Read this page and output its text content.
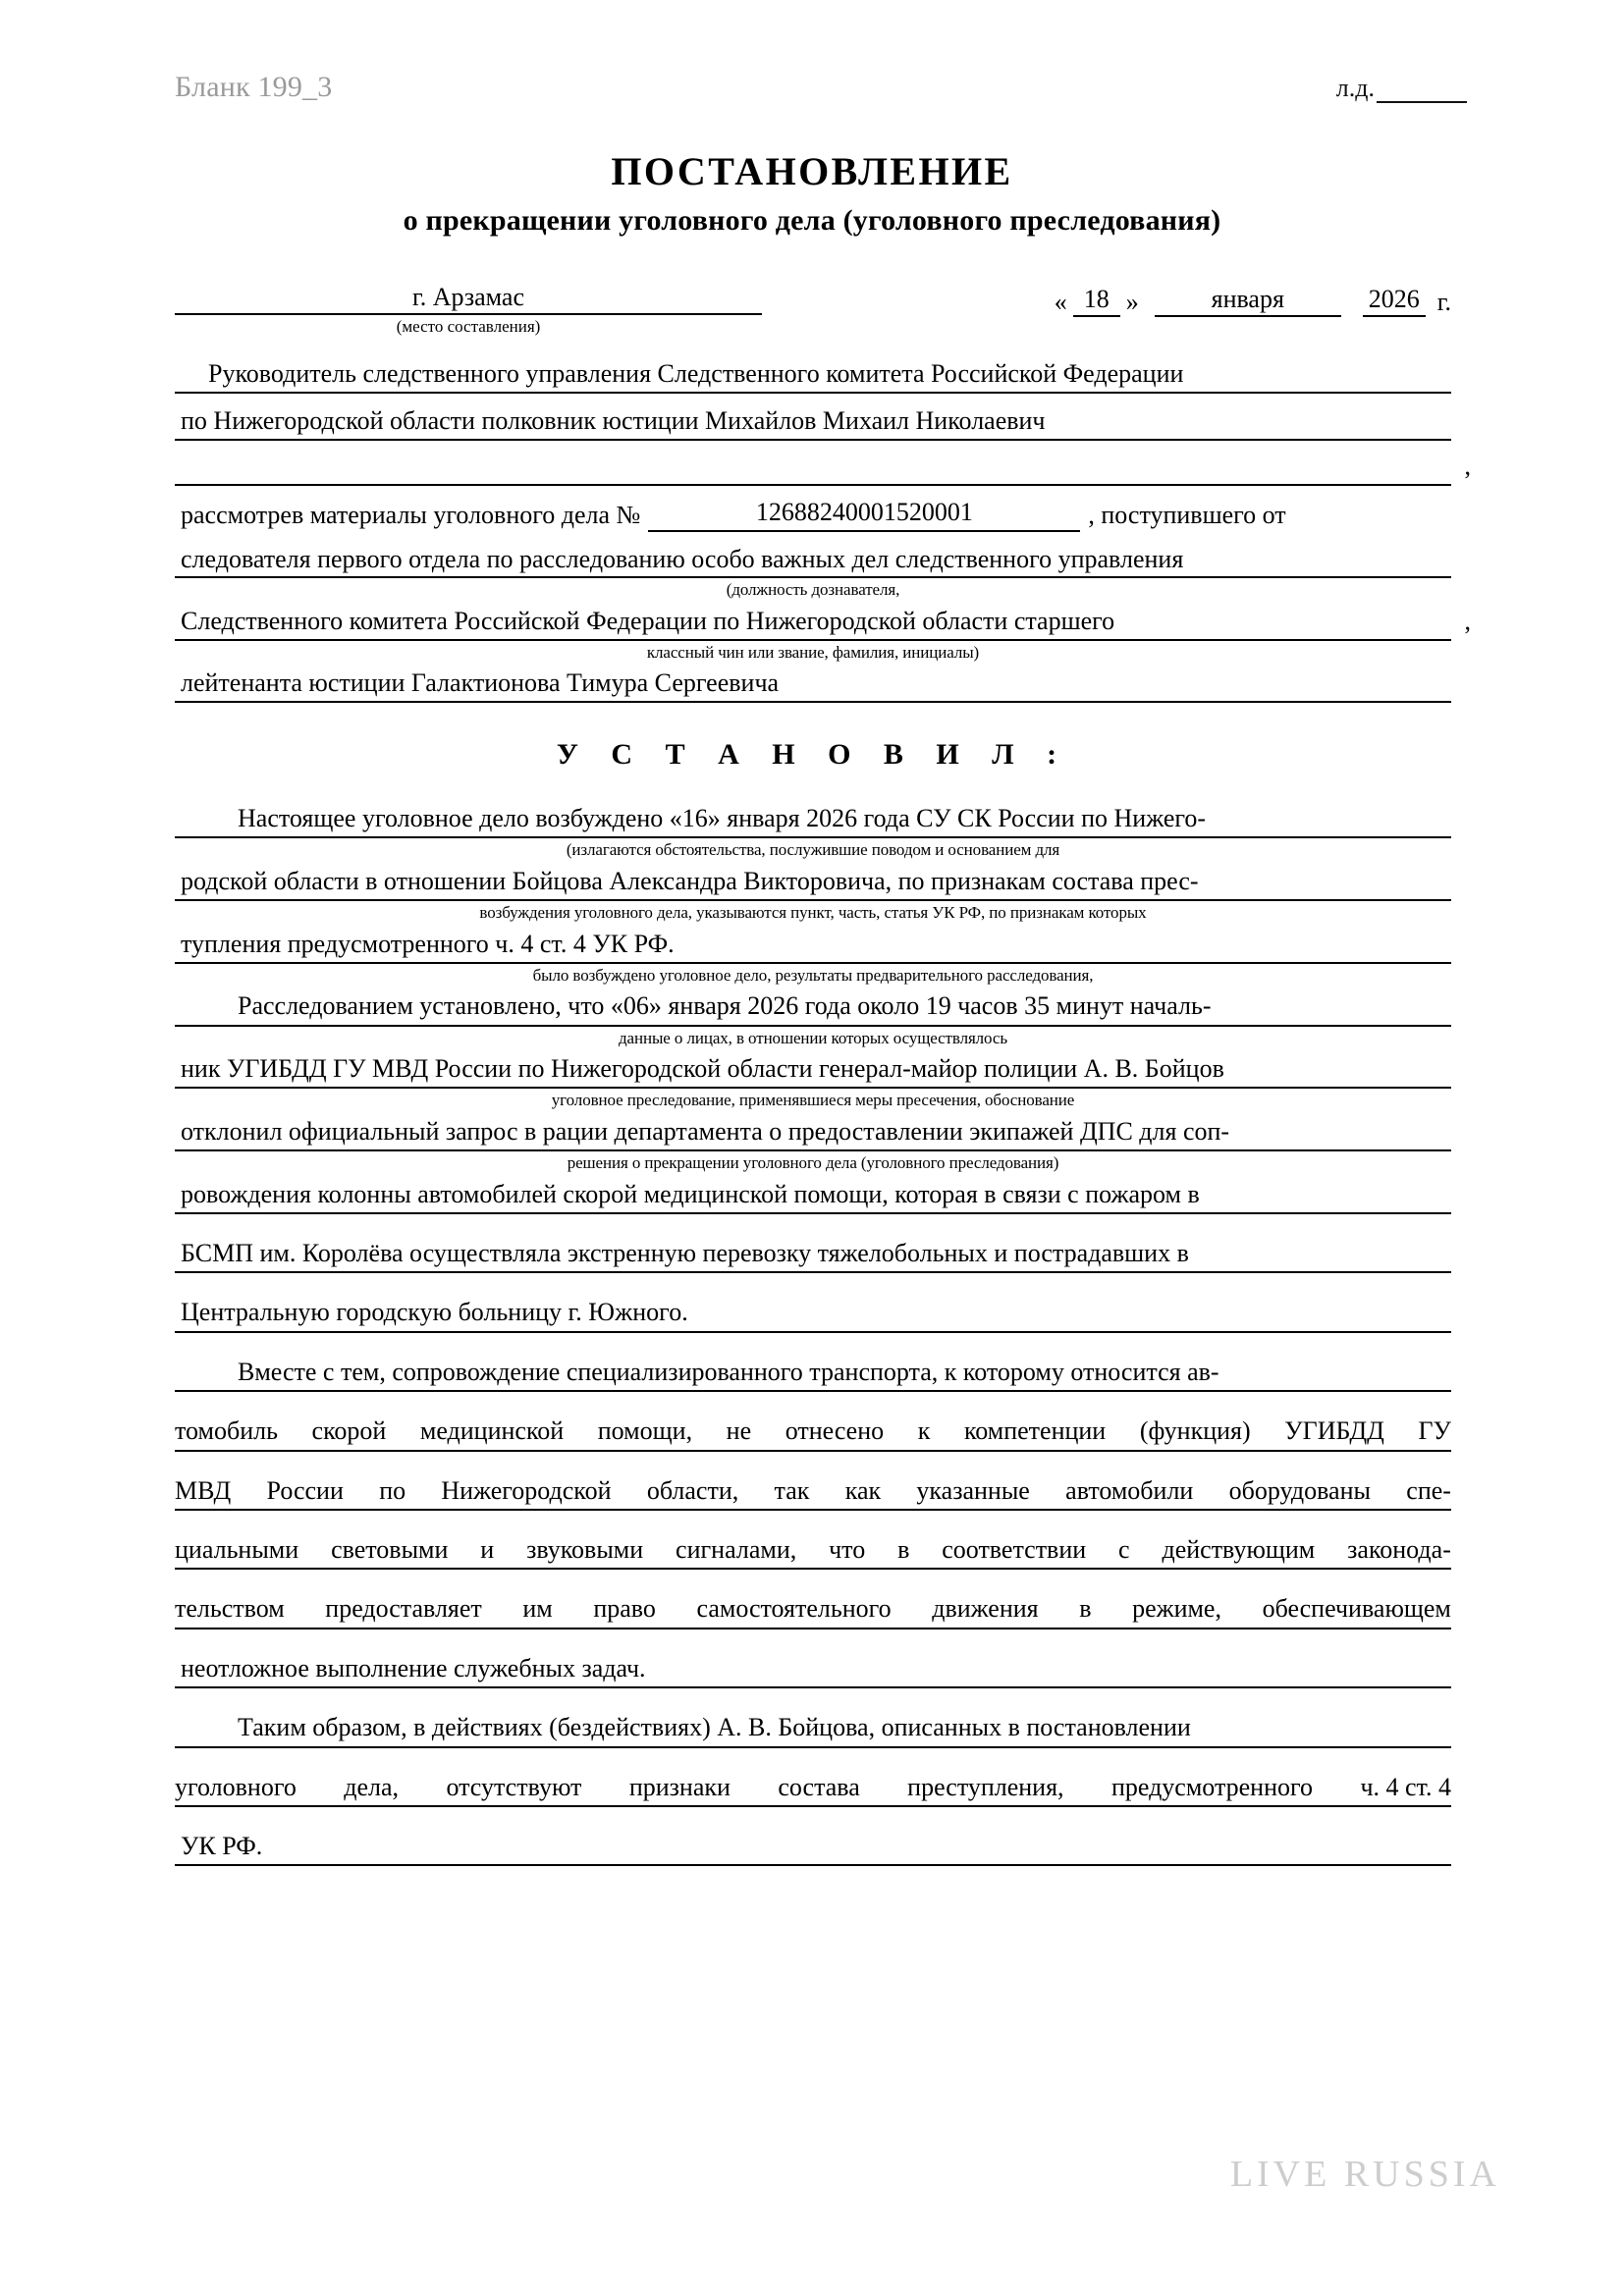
Бланк 199_3	л.д.
ПОСТАНОВЛЕНИЕ
о прекращении уголовного дела (уголовного преследования)
г. Арзамас
(место составления)
« 18 »	января	2026 г.
Руководитель следственного управления Следственного комитета Российской Федерации
по Нижегородской области полковник юстиции Михайлов Михаил Николаевич
,
рассмотрев материалы уголовного дела №	12688240001520001	, поступившего от
следователя первого отдела по расследованию особо важных дел следственного управления
(должность дознавателя,
Следственного комитета Российской Федерации по Нижегородской области старшего	,
классный чин или звание, фамилия, инициалы)
лейтенанта юстиции Галактионова Тимура Сергеевича
У С Т А Н О В И Л :
Настоящее уголовное дело возбуждено «16» января 2026 года СУ СК России по Нижего-
(излагаются обстоятельства, послужившие поводом и основанием для
родской области в отношении Бойцова Александра Викторовича, по признакам состава прес-
возбуждения уголовного дела, указываются пункт, часть, статья УК РФ, по признакам которых
тупления предусмотренного ч. 4 ст. 4 УК РФ.
было возбуждено уголовное дело, результаты предварительного расследования,
Расследованием установлено, что «06» января 2026 года около 19 часов 35 минут началь-
данные о лицах, в отношении которых осуществлялось
ник УГИБДД ГУ МВД России по Нижегородской области генерал-майор полиции А. В. Бойцов
уголовное преследование, применявшиеся меры пресечения, обоснование
отклонил официальный запрос в рации департамента о предоставлении экипажей ДПС для соп-
решения о прекращении уголовного дела (уголовного преследования)
ровождения колонны автомобилей скорой медицинской помощи, которая в связи с пожаром в
БСМП им. Королёва осуществляла экстренную перевозку тяжелобольных и пострадавших в
Центральную городскую больницу г. Южного.
Вместе с тем, сопровождение специализированного транспорта, к которому относится ав-
томобиль скорой медицинской помощи, не отнесено к компетенции (функция) УГИБДД ГУ
МВД России по Нижегородской области, так как указанные автомобили оборудованы спе-
циальными световыми и звуковыми сигналами, что в соответствии с действующим законода-
тельством предоставляет им право самостоятельного движения в режиме, обеспечивающем
неотложное выполнение служебных задач.
Таким образом, в действиях (бездействиях) А. В. Бойцова, описанных в постановлении
уголовного дела, отсутствуют признаки состава преступления, предусмотренного ч. 4 ст. 4
УК РФ.
LIVE RUSSIA
